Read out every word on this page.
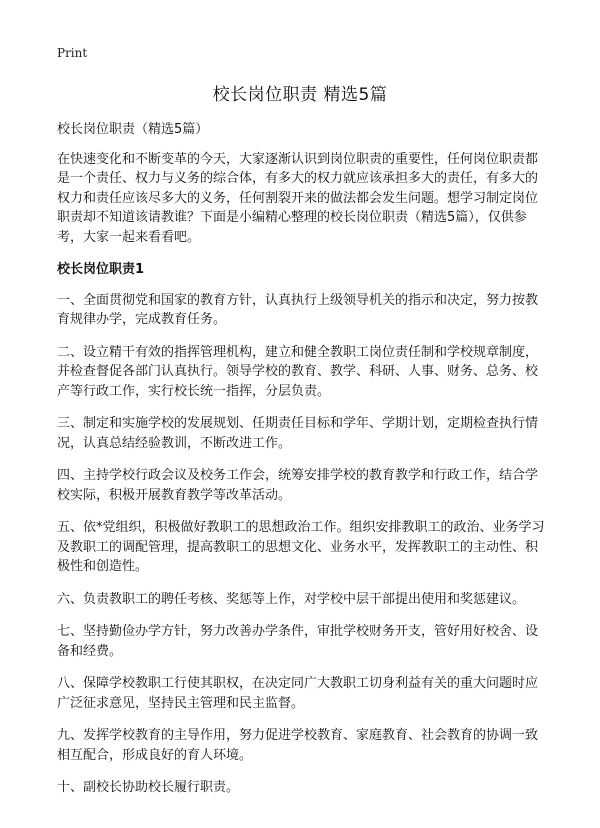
Print
校长岗位职责 精选5篇

校长岗位职责（精选5篇）

在快速变化和不断变革的今天，大家逐渐认识到岗位职责的重要性，任何岗位职责都是一个责任、权力与义务的综合体，有多大的权力就应该承担多大的责任，有多大的权力和责任应该尽多大的义务，任何割裂开来的做法都会发生问题。想学习制定岗位职责却不知道该请教谁？下面是小编精心整理的校长岗位职责（精选5篇），仅供参考，大家一起来看看吧。

校长岗位职责1

一、全面贯彻党和国家的教育方针，认真执行上级领导机关的指示和决定，努力按教育规律办学，完成教育任务。
二、设立精干有效的指挥管理机构，建立和健全教职工岗位责任制和学校规章制度，并检查督促各部门认真执行。领导学校的教育、教学、科研、人事、财务、总务、校产等行政工作，实行校长统一指挥，分层负责。
三、制定和实施学校的发展规划、任期责任目标和学年、学期计划，定期检查执行情况，认真总结经验教训，不断改进工作。
四、主持学校行政会议及校务工作会，统筹安排学校的教育教学和行政工作，结合学校实际，积极开展教育教学等改革活动。
五、依*党组织，积极做好教职工的思想政治工作。组织安排教职工的政治、业务学习及教职工的调配管理，提高教职工的思想文化、业务水平，发挥教职工的主动性、积极性和创造性。
六、负责教职工的聘任考核、奖惩等上作，对学校中层干部提出使用和奖惩建议。
七、坚持勤俭办学方针，努力改善办学条件，审批学校财务开支，管好用好校舍、设备和经费。
八、保障学校教职工行使其职权，在决定同广大教职工切身利益有关的重大问题时应广泛征求意见，坚持民主管理和民主监督。
九、发挥学校教育的主导作用，努力促进学校教育、家庭教育、社会教育的协调一致相互配合，形成良好的育人环境。
十、副校长协助校长履行职责。
